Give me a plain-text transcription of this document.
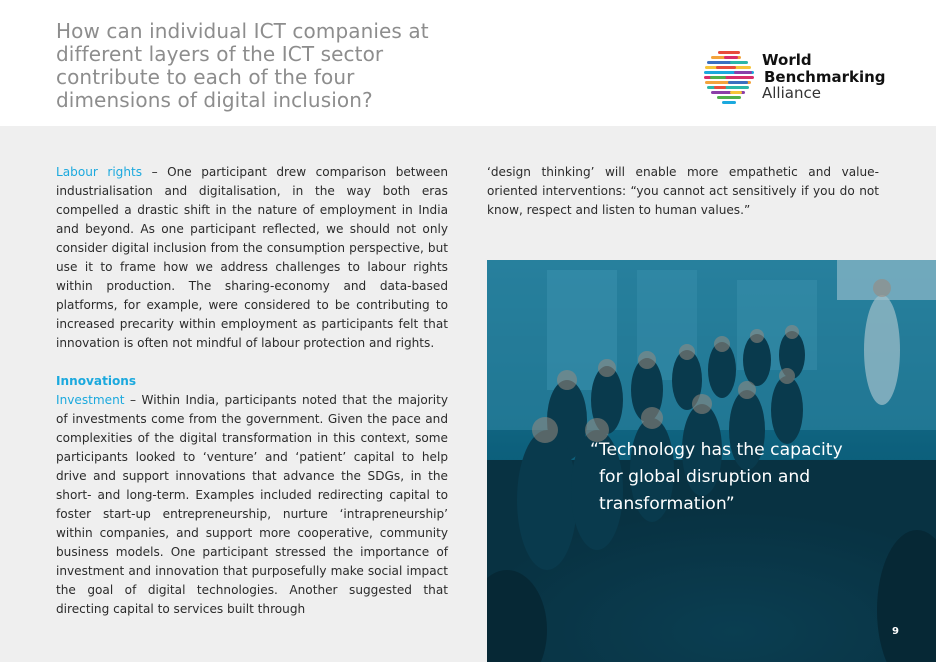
How can individual ICT companies at different layers of the ICT sector contribute to each of the four dimensions of digital inclusion?
World
Benchmarking
Alliance

Labour rights – One participant drew comparison between industrialisation and digitalisation, in the way both eras compelled a drastic shift in the nature of employment in India and beyond. As one participant reflected, we should not only consider digital inclusion from the consumption perspective, but use it to frame how we address challenges to labour rights within production. The sharing-economy and data-based platforms, for example, were considered to be contributing to increased precarity within employment as participants felt that innovation is often not mindful of labour protection and rights.

Innovations

Investment – Within India, participants noted that the majority of investments come from the government. Given the pace and complexities of the digital transformation in this context, some participants looked to ‘venture’ and ‘patient’ capital to help drive and support innovations that advance the SDGs, in the short- and long-term. Examples included redirecting capital to foster start-up entrepreneurship, nurture ‘intrapreneurship’ within companies, and support more cooperative, community business models. One participant stressed the importance of investment and innovation that purposefully make social impact the goal of digital technologies. Another suggested that directing capital to services built through

‘design thinking’ will enable more empathetic and value-oriented interventions: “you cannot act sensitively if you do not know, respect and listen to human values.”

“Technology has the capacity
for global disruption and
transformation”
9
